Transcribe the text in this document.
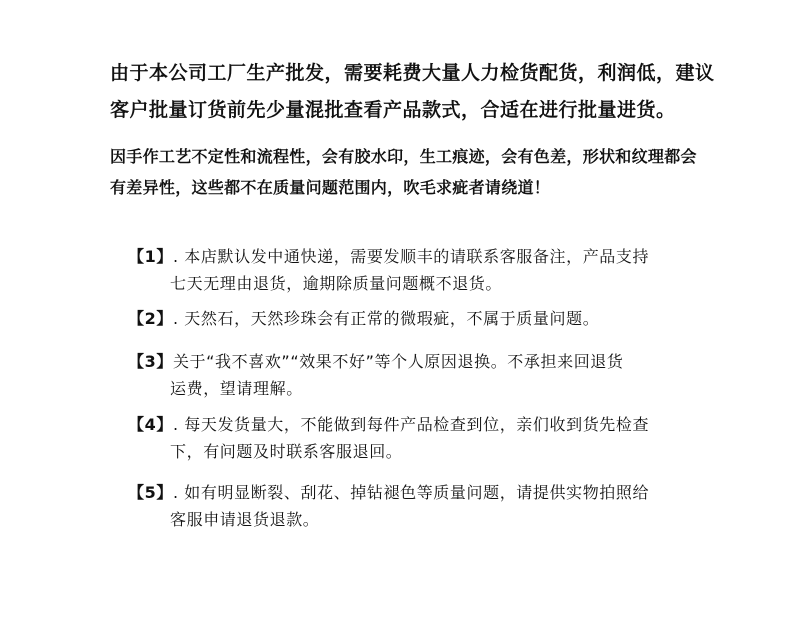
由于本公司工厂生产批发，需要耗费大量人力检货配货，利润低，建议

客户批量订货前先少量混批查看产品款式，合适在进行批量进货。

因手作工艺不定性和流程性，会有胶水印，生工痕迹，会有色差，形状和纹理都会

有差异性，这些都不在质量问题范围内，吹毛求疵者请绕道！

【1】. 本店默认发中通快递，需要发顺丰的请联系客服备注，产品支持
七天无理由退货，逾期除质量问题概不退货。
【2】. 天然石，天然珍珠会有正常的微瑕疵，不属于质量问题。
【3】关于“我不喜欢”“效果不好”等个人原因退换。不承担来回退货
运费，望请理解。
【4】. 每天发货量大，不能做到每件产品检查到位，亲们收到货先检查
下，有问题及时联系客服退回。
【5】. 如有明显断裂、刮花、掉钻褪色等质量问题，请提供实物拍照给
客服申请退货退款。
